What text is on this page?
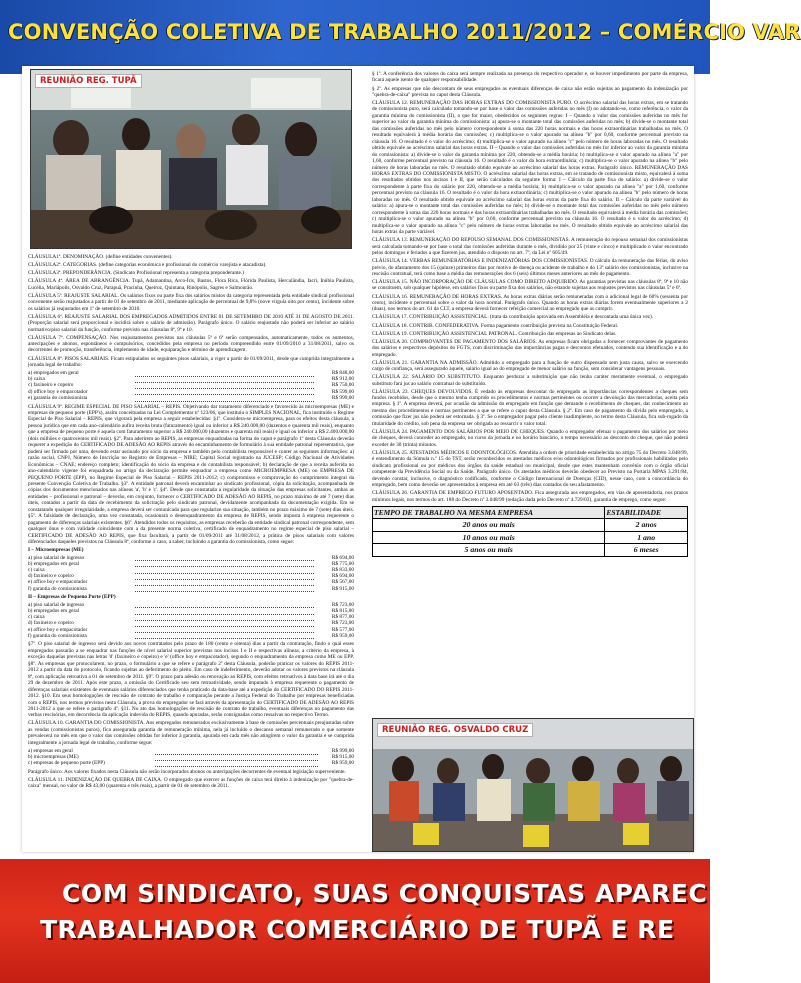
CONVENÇÃO COLETIVA DE TRABALHO 2011/2012 – COMÉRCIO VAR
REUNIÃO REG. TUPÃ

CLÁUSULA1ª. DENOMINAÇÃO. (define entidades convenentes).

CLÁUSULA2ª. CATEGORIAS. (define categorias econômica e profissional do comércio varejista e atacadista).

CLÁUSULA3ª. PREPONDERÂNCIA. (Sindicato Profissional representa a categoria preponderante.)

CLÁUSULA 4ª. ÁREA DE ABRANGÊNCIA. Tupã, Adamantina, Arco-Íris, Bastos, Flora Rica, Flórida Paulista, Herculândia, Iacri, Inúbia Paulista, Lucélia, Mariápolis, Osvaldo Cruz, Parapuã, Pracinha, Queiroz, Quintana, Rinópolis, Sagres e Salmourão.

CLÁUSULA 5ª. REAJUSTE SALARIAL. Os salários fixos ou parte fixa dos salários mistos da categoria representada pela entidade sindical profissional convenente serão reajustados a partir de 01 de setembro de 2011, mediante aplicação de percentual de 9,8% (nove vírgula oito por cento), incidente sobre os salários já reajustados em 1º de setembro de 2010.

CLÁUSULA 6ª. REAJUSTE SALARIAL DOS EMPREGADOS ADMITIDOS ENTRE 01 DE SETEMBRO DE 2010 ATÉ 31 DE AGOSTO DE 2011. (Proporção salarial será proporcional e incidirá sobre o salário de admissão). Parágrafo único. O salário reajustado não poderá ser inferior ao salário normativo/piso salarial da função, conforme previsto nas cláusulas 8ª, 9ª e 10.

CLÁUSULA 7ª. COMPENSAÇÃO. Nos reajustamentos previstos nas cláusulas 5ª e 6ª serão compensados, automaticamente, todos os aumentos, antecipações e abonos, espontâneos e compulsórios, concedidos pela empresa no período compreendido entre 01/09/2010 a 31/08/2011, salvo os decorrentes de promoção, transferência, implemento de idade, equiparação e término de aprendizagem.

CLÁUSULA 8ª. PISOS SALARIAIS. Ficam estipulados os seguintes pisos salariais, a viger a partir de 01/09/2011, desde que cumprida integralmente a jornada legal de trabalho:

a) empregados em geral		R$ 848,00
b) caixa		R$ 912,00
c) faxineiro e copeiro		R$ 750,00
d) office boy e empacotador		R$ 599,00
e) garantia do comissionista		R$ 999,00

CLÁUSULA 9ª. REGIME ESPECIAL DE PISO SALARIAL – REPIS. Objetivando dar tratamento diferenciado e favorecido às microempresas (ME) e empresas de pequeno porte (EPP's), assim conceituadas na Lei Complementar nº 123/06, que instituiu o SIMPLES NACIONAL, fica instituído o Regime Especial de Piso Salarial – REPIS, que vigorará pela empresa a seguir estabelecidas: §1º. Considera-se microempresa, para os efeitos desta cláusula, a pessoa jurídica que em cada ano-calendário aufira receita bruta (faturamento) igual ou inferior a R$ 240.000,00 (duzentos e quarenta mil reais), enquanto que a empresa de pequeno porte é aquela com faturamento superior a R$ 240.000,00 (duzentos e quarenta mil reais) e igual ou inferior a R$ 2.400.000,00 (dois milhões e quatrocentos mil reais). §2º. Para aderirem ao REPIS, as empresas enquadradas na forma do caput e parágrafo 1º desta Cláusula deverão requerer a expedição do CERTIFICADO DE ADESÃO AO REPIS através do encaminhamento de formulário à sua entidade patronal representativa, que poderá ser firmado por uma, devendo estar assinado por sócio da empresa e também pelo contabilista responsável e conter as seguintes informações: a) razão social, CNPJ, Número de Inscrição no Registro de Empresas – NIRE; Capital Social registrado na JUCESP; Código Nacional de Atividades Econômicas – CNAE; endereço completo; identificação do sócio da empresa e do contabilista responsável; b) declaração de que a receita auferida no ano-calendário vigente foi enquadrada no artigo da declaração permite enquadrar a empresa como MICROEMPRESA (ME) ou EMPRESA DE PEQUENO PORTE (EPP), no Regime Especial de Piso Salarial – REPIS 2011-2012; c) compromisso e comprovação do cumprimento integral da presente Convenção Coletiva de Trabalho. §3º. A entidade patronal deverá encaminhar ao sindicato profissional, cópia da solicitação, acompanhada de cópias dos documentos mencionados nas alíneas 'a', 'b' e 'c'. §4º. Desde que constatada a regularidade da situação das empresas solicitantes, ambas as entidades – profissional e patronal – deverão, em conjunto, fornecer o CERTIFICADO DE ADESÃO AO REPIS, no prazo máximo de até 7 (sete) dias úteis, contados a partir da data de recebimento da solicitação pelo sindicato patronal, devidamente acompanhada da documentação exigida. Em se constatando qualquer irregularidade, a empresa deverá ser comunicada para que regularize sua situação, também no prazo máximo de 7 (sete) dias úteis. §5º. A falsidade de declaração, uma vez constatada, ocasionará o desenquadramento da empresa de REPIS, sendo imposta à empresa requerente o pagamento de diferenças salariais existentes. §6º. Atendidos todos os requisitos, as empresas receberão da entidade sindical patronal correspondente, sem qualquer ônus e com validade coincidente com a da presente norma coletiva, certificado de enquadramento no regime especial de piso salarial – CERTIFICADO DE ADESÃO AO REPIS, que fixa facultará, a partir de 01/09/2011 até 31/08/2012, a prática de pisos salariais com valores diferenciados daqueles previstos na Cláusula 8ª, conforme o caso, a saber, incluindo a garantia do comissionista, como segue:

I – Microempresas (ME)
a) piso salarial de ingresso		R$ 694,00
b) empregados em geral		R$ 775,00
c) caixa		R$ 833,00
d) faxineiro e copeiro		R$ 694,00
e) office boy e empacotador		R$ 567,00
f) garantia do comissionista		R$ 915,00
II – Empresas de Pequeno Porte (EPP)
a) piso salarial de ingresso		R$ 723,00
b) empregados em geral		R$ 815,00
c) caixa		R$ 877,00
d) faxineiro e copeiro		R$ 723,00
e) office boy e empacotador		R$ 577,00
f) garantia do comissionista		R$ 959,00

§7º. O piso salarial de ingresso será devido aos novos contratados pelo prazo de 180 (cento e oitenta) dias a partir da contratação, findo o qual esses empregados passarão a se enquadrar nas funções de nível salarial superior previstas nos incisos I e II e respectivas alíneas, a critério da empresa, à exceção daquelas previstas nas letras 'd' (faxineiro e copeiro) e 'e' (office boy e empacotador), segundo o enquadramento da empresa como ME ou EPP. §8º. As empresas que protocolarem, no prazo, o formulário a que se refere o parágrafo 2º desta Cláusula, poderão praticar os valores do REPIS 2011-2012 a partir da data do protocolo, ficando sujeitas ao deferimento do pleito. Em caso de indeferimento, deverão adotar os valores previstos na cláusula 8ª, com aplicação retroativa a 01 de setembro de 2011. §9º. O prazo para adesão ou renovação ao REPIS, com efeitos retroativos à data base irá até o dia 29 de dezembro de 2011. Após este prazo, a omissão do Certificado seu sem retroatividade, sendo imputado à empresa requerente o pagamento de diferenças salariais existentes de eventuais salários diferenciados que tenha praticado da data-base até a expedição do CERTIFICADO DO REPIS 2011-2012. §10. Em seus homologações de rescisão de contrato de trabalho e comparação perante a Justiça Federal do Trabalho por empresas beneficiadas com o REPIS, nos termos previstos nesta Cláusula, a prova do empregador se fará através da apresentação do CERTIFICADO DE ADESÃO AO REPIS 2011-2012 a que se refere o parágrafo 4º. §11. No ato das homologações de rescisão de contrato de trabalho, eventuais diferenças no pagamento das verbas rescisórias, em decorrência da aplicação indevida do REPIS, quando apuradas, serão consignadas como ressalvas no respectivo Termo.

CLÁUSULA 10. GARANTIA DO COMISSIONISTA. Aos empregados remunerados exclusivamente à base de comissões percentuais preajustadas sobre as vendas (comissionistas puros), fica assegurada garantia de remuneração mínima, nela já incluído o descanso semanal remunerado e que somente prevalecerá no mês em que o valor das comissões obtidas for inferior à garantia, apurada em cada mês não atingirem o valor da garantia e se cumprida integralmente a jornada legal de trabalho, conforme segue:

a) empresas em geral		R$ 999,00
b) microempresas (ME)		R$ 915,00
c) empresas de pequeno porte (EPP)		R$ 959,00

Parágrafo único. Aos valores fixados nesta Cláusula não serão incorporados abonos ou antecipações decorrentes de eventual legislação superveniente.

CLÁUSULA 11. INDENIZAÇÃO DE QUEBRA DE CAIXA. O empregado que exercer as funções de caixa terá direito à indenização por "quebra-de-caixa" mensal, no valor de R$ 43,00 (quarenta e três reais), a partir de 01 de setembro de 2011.

§ 1º. A conferência dos valores do caixa será sempre realizada na presença do respectivo operador e, se houver impedimento por parte da empresa, ficará aquele isento de qualquer responsabilidade.

§ 2º. As empresas que não descontam de seus empregados as eventuais diferenças de caixa não estão sujeitas ao pagamento da indenização por "quebra-de-caixa" prevista no caput desta Cláusula.

CLÁUSULA 12. REMUNERAÇÃO DAS HORAS EXTRAS DO COMISSIONISTA PURO. O acréscimo salarial das horas extras, em se tratando de comissionista puro, será calculado tomando-se por base o valor das comissões auferidas no mês (I) no adotando-se, como referência, o valor da garantia mínima do comissionista (II), o que for maior, obedecidos os seguintes regras: I – Quando o valor das comissões auferidas no mês for superior ao valor da garantia mínima do comissionista: a) apura-se o montante total das comissões auferidas no mês; b) divide-se o montante total das comissões auferidas no mês pelo número correspondente à soma das 220 horas normais e das horas extraordinárias trabalhadas no mês. O resultado equivalerá à média horária das comissões; c) multiplica-se o valor apurado na alínea "b" por 0,60, conforme percentual previsto na cláusula 16. O resultado é o valor do acréscimo; d) multiplica-se o valor apurado na alínea "c" pelo número de horas laboradas no mês. O resultado obtido equivale ao acréscimo salarial das horas extras. II – Quando o valor das comissões auferidas no mês for inferior ao valor da garantia mínima do comissionista: a) divide-se o valor da garantia mínima por 220, obtendo-se a média horária; b) multiplica-se o valor apurado na alínea "a" por 1,60, conforme percentual previsto na cláusula 16. O resultado é o valor da hora extraordinária; c) multiplica-se o valor apurado na alínea "b" pelo número de horas laboradas no mês. O resultado obtido equivale ao acréscimo salarial das horas extras. Parágrafo único. REMUNERAÇÃO DAS HORAS EXTRAS DO COMISSIONISTA MISTO. O acréscimo salarial das horas extras, em se tratando de comissionista misto, equivalerá à soma dos resultados obtidos nos incisos I e II, que serão calculados da seguinte forma: I – Cálculo da parte fixa do salário: a) divide-se o valor correspondente à parte fixa do salário por 220, obtendo-se a média horária; b) multiplica-se o valor apurado na alínea "a" por 1,60, conforme percentual previsto na cláusula 16. O resultado é o valor da hora extraordinária; c) multiplica-se o valor apurado na alínea "b" pelo número de horas laboradas no mês. O resultado obtido equivale ao acréscimo salarial das horas extras da parte fixa do salário. II – Cálculo da parte variável do salário: a) apura-se o montante total das comissões auferidas no mês; b) divide-se o montante total das comissões auferidas no mês pelo número correspondente à soma das 220 horas normais e das horas extraordinárias trabalhadas no mês. O resultado equivalerá à média horária das comissões; c) multiplica-se o valor apurado na alínea "b" por 0,60, conforme percentual previsto na cláusula 16. O resultado é o valor do acréscimo; d) multiplica-se o valor apurado na alínea "c" pelo número de horas extras laboradas no mês. O resultado obtido equivale ao acréscimo salarial das horas extras da parte variável.

CLÁUSULA 13. REMUNERAÇÃO DO REPOUSO SEMANAL DOS COMISSIONISTAS. A remuneração do repouso semanal dos comissionistas será calculada tomando-se por base o total das comissões auferidas durante o mês, dividido por 25 (vinte e cinco) e multiplicado o valor encontrado pelos domingos e feriados a que fizerem jus, atendido o disposto no art. 7º, da Lei nº 605/49.

CLÁUSULA 14. VERBAS REMUNERATÓRIAS E INDENIZATÓRIAS DOS COMISSIONISTAS. O cálculo da remuneração das férias, do aviso prévio, do afastamento dos 15 (quinze) primeiros dias por motivo de doença ou acidente de trabalho e do 13º salário dos comissionistas, inclusive na rescisão contratual, terá como base a média das remunerações dos 6 (seis) últimos meses anteriores ao mês de pagamento.

CLÁUSULA 15. NÃO INCORPORAÇÃO DE CLÁUSULAS COMO DIREITO ADQUIRIDO. As garantias previstas nas cláusulas 8ª, 9ª e 10 não se constituem, sob qualquer hipótese, em salários fixos ou parte fixa dos salários, não estando sujeitas aos reajustes previstos nas cláusulas 5ª e 6ª.

CLÁUSULA 16. REMUNERAÇÃO DE HORAS EXTRAS. As horas extras diárias serão remuneradas com o adicional legal de 60% (sessenta por cento), incidente o percentual sobre o valor da hora normal. Parágrafo único. Quando as horas extras diárias forem eventualmente superiores a 2 (duas), nos termos do art. 61 da CLT, a empresa deverá fornecer refeição comercial ao empregado que as cumprir.

CLÁUSULA 17. CONTRIBUIÇÃO ASSISTENCIAL. (trata da contribuição aprovada em Assembléia e descontada uma única vez).

CLÁUSULA 18. CONTRIB. CONFEDERATIVA. Forma pagamento contribuição prevista na Constituição Federal.

CLÁUSULA 19. CONTRIBUIÇÃO ASSISTENCIAL PATRONAL. Contribuição das empresas ao Sindicato delas.

CLÁUSULA 20. COMPROVANTES DE PAGAMENTO DOS SALÁRIOS. As empresas ficam obrigadas a fornecer comprovantes de pagamento dos salários e respectivos depósitos do FGTS, com discriminação das importâncias pagas e descontos efetuados, contendo sua identificação e a do empregado.

CLÁUSULA 21. GARANTIA NA ADMISSÃO. Admitido o empregado para a função de outro dispensado sem justa causa, salvo se exercendo cargo de confiança, será assegurado àquele, salário igual ao do empregado de menor salário na função, sem considerar vantagens pessoais.

CLÁUSULA 22. SALÁRIO DO SUBSTITUTO. Enquanto perdurar a substituição que não tenha caráter meramente eventual, o empregado substituto fará jus ao salário contratual do substituído.

CLÁUSULA 23. CHEQUES DEVOLVIDOS. É vedado às empresas descontar do empregado as importâncias correspondentes a cheques sem fundos recebidos, desde que o mesmo tenha cumprido os procedimentos e normas pertinentes ou ocorrer a devolução das mercadorias, aceita pela empresa. § 1º. A empresa deverá, por ocasião da admissão do empregado em função que demande o recebimento de cheques, dar conhecimento ao mesmo dos procedimentos e normas pertinentes a que se refere o caput desta Cláusula. § 2º. Em caso de pagamento da dívida pelo empregado, a comissão que fizer jus não poderá ser estornada. § 3º. Se o empregador pagar pelo cliente inadimplente, no termo desta Cláusula, fica sub-rogado da titularidade do crédito, sob pena da empresa ser obrigada ao ressarcir o valor total.

CLÁUSULA 24. PAGAMENTO DOS SALÁRIOS POR MEIO DE CHEQUES. Quando o empregador efetuar o pagamento dos salários por meio de cheques, deverá conceder ao empregado, no curso da jornada e no horário bancário, o tempo necessário ao desconto do cheque, que não poderá exceder de 30 (trinta) minutos.

CLÁUSULA 25. ATESTADOS MÉDICOS E ODONTOLÓGICOS. Atendida a ordem de prioridade estabelecida no artigo 75 do Decreto 3.048/99, é entendimento da Súmula n.º 15 do TST, serão reconhecidos os atestados médicos e/ou odontológicos firmados por profissionais habilitados pelo sindicato profissional ou por médicos dos órgãos da saúde estadual ou municipal, desde que estes mantenham convênio com o órgão oficial competente da Previdência Social ou da Saúde. Parágrafo único. Os atestados médicos deverão obedecer ao Previsto na Portaria MPAS 3.291/84, devendo constar, inclusive, o diagnóstico codificado, conforme o Código Internacional de Doenças (CID), nesse caso, com a concordância do empregado, bem como deverão ser apresentados à empresa em até 03 (três) dias contados do seu afastamento.

CLÁUSULA 26. GARANTIA DE EMPREGO FUTURO APOSENTADO. Fica assegurada aos empregados, em vias de aposentadoria, nos prazos mínimos legais, nos termos do art. 188 do Decreto nº 3.048/99 (redação dada pelo Decreto nº 4.729/03), garantia de emprego, como segue:

TEMPO DE TRABALHO NA MESMA EMPRESA	ESTABILIDADE
20 anos ou mais	2 anos
10 anos ou mais	1 ano
5 anos ou mais	6 meses
REUNIÃO REG. OSVALDO CRUZ
COM SINDICATO, SUAS CONQUISTAS APAREC
TRABALHADOR COMERCIÁRIO DE TUPÃ E RE
